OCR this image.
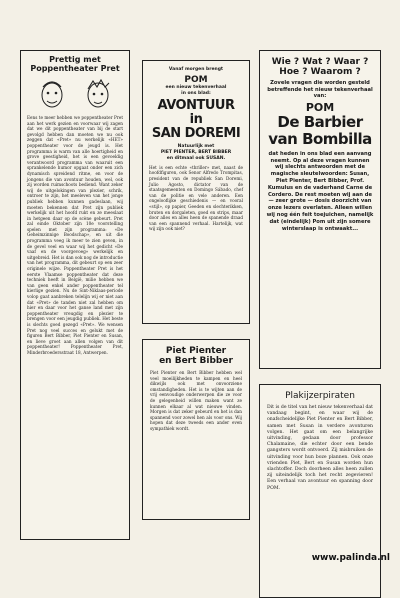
Prettig met
Poppentheater Pret
Eens te meer hebben we poppentheater Pret aan het werk gezien en voorwaar wij zagen dat we dit poppentheater van bij de start gevolgd hebben dan moeten we nu ook zeggen dat «Pret» nu werkelijk «HET» poppentheater voor de jeugd is. Het programma is warm van alle hoertigheid en grove geestigheid, het is een gevoeldig verantwoord programma van waaruit een sprankelende humor opgaat onder een zich dynamisch spreidend ritme, en voor de jongens die van avontuur houden, wel, ook zij worden ruimschoots bediend. Want zeker wij de uitgelokingen van plezier, schrik, ontroer te zijn, het meeleven van het jonge publiek hebben kunnen gadeslaan, wij moeten bekennen dat Pret zijn publiek werkelijk uit het hoofd rukt en ze meeslaat in hetgeen daar op de scène gebeurt. Pret zal einde Oktober zijn 10e voorstelling spelen met zijn programma: «De Geheimzinnige Boodschap», en uit die programma veeg ik meer te zien geven, in de gevel veel en waar wij het gedicht «De vaaf en de voorgevoeg» werkelijk en uitgebreid. Het is dan ook nog de introductie van het programma, dit gebeurt op een zeer originele wijze. Poppentheater Pret is het eerste Vlaamse poppentheater dat deze techniek heeft in België, milie hebben we van geen enkel ander poppentheater tel kierlige gezien. Nu de Sint-Niklaas-periode volop gaat aanbreken telelijn wij er niet aan dat «Pret» de tanden niet zal hebben om hier en daar voor het ganse land met zijn poppentheater vreugdig en plezier te brengen voor een jeugdig publiek. Het beste is slechts goed gezegd «Pret». We wensen Pret nog veel succes en gelukt met de figuren Bert Bibber, Piet Pienter en Susan, en lieve groet aan allen volgen van dit poppentheater! Poppentheater Pret, Minderbroedersstraat 18, Antwerpen.
Vanaf morgen brengt
POM
een nieuw tekenverhaal
in ons blad:
AVONTUUR
in
SAN DOREMI
Natuurlijk met
PIET PIENTER, BERT BIBBER
en ditmaal ook SUSAN.
Het is een echte «thriller» met, naast de hoofdfiguren, ook Senor Alfredo Trompitas, president van de republiek San Doremi, Julio Agosto, dictator van de staatsgemeenten en Domingo Sábado, chef van de politie en vele anderen. Een ongelooflijke geschiedenis — en vooral «stijl», op papier, Geeden en slechterikken, bruten en dorgaleten, goed en strips, maar door alles en alles heen de spanende draad van een spannend verhaal. Hartelijk, wat wij zijn ook niet?
Piet Pienter
en Bert Bibber
Piet Pienter en Bert Bibber hebben wel veel moeilijkheden te kampen en heel dikwijls ook met onvoorziene omstandigheden. Het is te wijten aan de vrij eenvoudige onderwerpen die ze voor de gelegenheid willen maken want ze kunnen elkaar al wat nieuwe vinden. Morgen is dat zeker gebeurd en het is dan spannend voor zowel hen als voor ons. Wij hopen dat deze tweeds een ander even sympathiek wordt.
Wie ? Wat ? Waar ?
Hoe ? Waarom ?
Zovele vragen die worden gesteld betreffende het nieuw tekenverhaal van:
POM
De Barbier
van Bombilla
dat heden in ons blad een aanvang neemt. Op al deze vragen kunnen wij slechts antwoorden met de magische sleutelwoorden: Susan, Piet Pienter, Bert Bibber, Prof. Kumulus en de vaderhand Carne de Cordero. De rest moeten wij aan de — zeer grote — dosis doorzicht van onze lezers overlaten. Alleen willen wij nog één feit toejuichen, namelijk dat (eindelijk) Pom uit zijn somere winterslaap is ontwaakt...
Plakijzerpiraten
Dit is de titel van het nieuw tekenverhaal dat vandaag begint, en waar wij de onafscheidelijke Piet Pienter en Bert Bibber, samen met Susan in verdere avonturen volgen. Het gaat om een belangrijke uitvinding, gedaan door professor Chalamaine, die echter door een bende gangsters wordt ontvoerd. Zij misbruiken de uitvinding voor hun boze plannen. Ook onze vrienden Piet, Bert en Susan worden hun slachtoffer. Doch doorheen alles heen zullen zij uiteindelijk toch het recht zegevieren! Een verhaal van avontuur en spanning door POM.
www.palinda.nl
